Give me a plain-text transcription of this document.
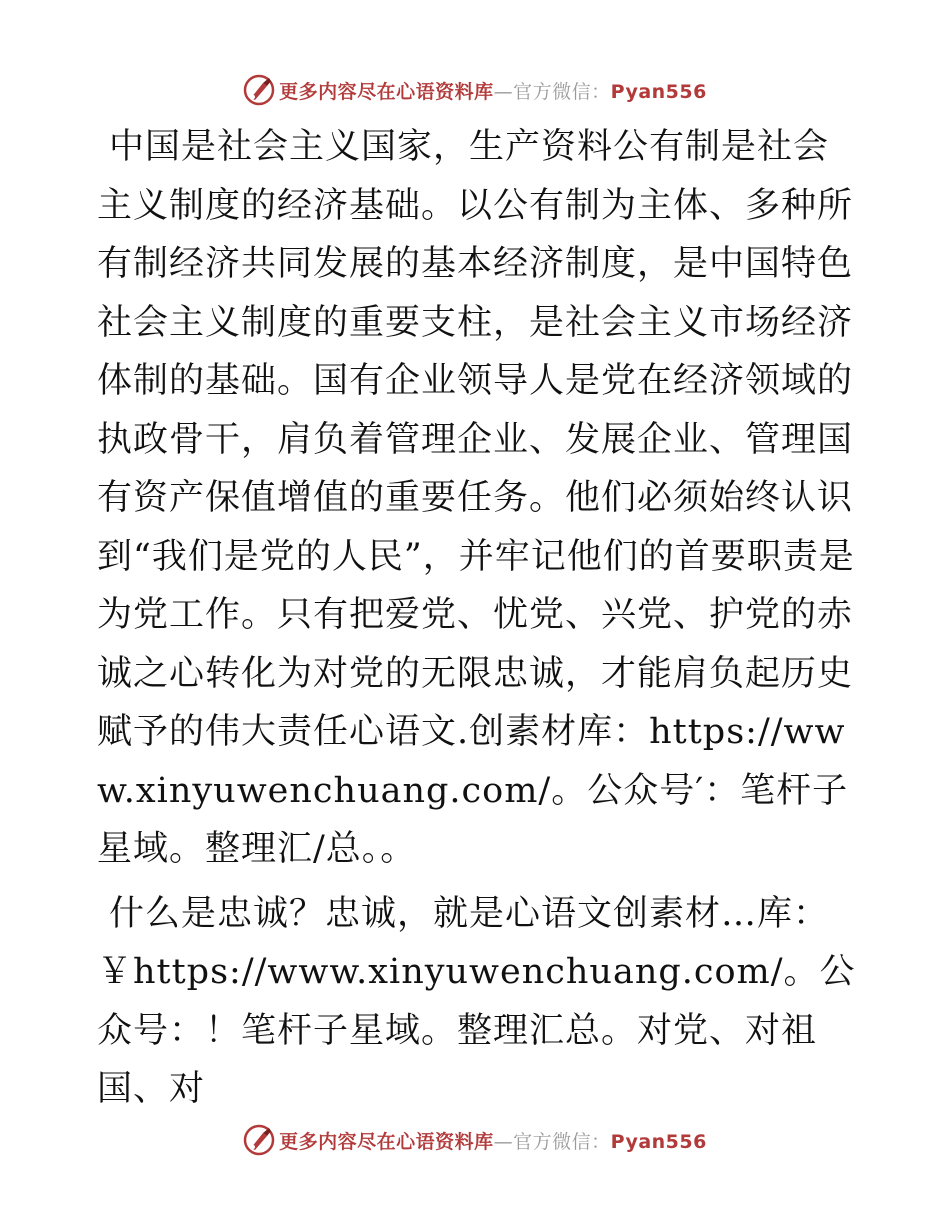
更多内容尽在心语资料库—官方微信：Pyan556

中国是社会主义国家，生产资料公有制是社会主义制度的经济基础。以公有制为主体、多种所有制经济共同发展的基本经济制度，是中国特色社会主义制度的重要支柱，是社会主义市场经济体制的基础。国有企业领导人是党在经济领域的执政骨干，肩负着管理企业、发展企业、管理国有资产保值增值的重要任务。他们必须始终认识到“我们是党的人民”，并牢记他们的首要职责是为党工作。只有把爱党、忧党、兴党、护党的赤诚之心转化为对党的无限忠诚，才能肩负起历史赋予的伟大责任心语文.创素材库：https://www.xinyuwenchuang.com/。公众号′：笔杆子星域。整理汇/总。。

什么是忠诚？忠诚，就是心语文创素材…库：￥https://www.xinyuwenchuang.com/。公众号：！笔杆子星域。整理汇总。对党、对祖国、对

更多内容尽在心语资料库—官方微信：Pyan556
